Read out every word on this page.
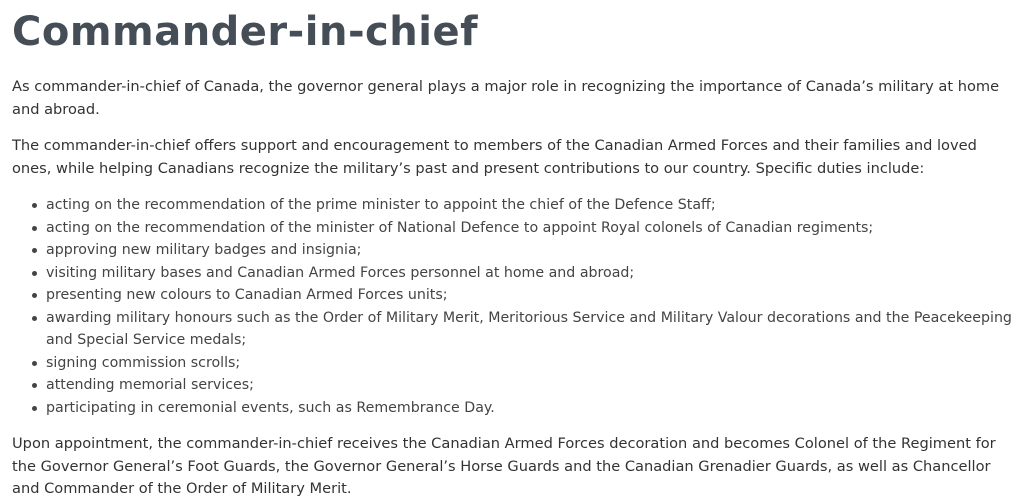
Commander-in-chief

As commander-in-chief of Canada, the governor general plays a major role in recognizing the importance of Canada’s military at home and abroad.

The commander-in-chief offers support and encouragement to members of the Canadian Armed Forces and their families and loved ones, while helping Canadians recognize the military’s past and present contributions to our country. Specific duties include:

acting on the recommendation of the prime minister to appoint the chief of the Defence Staff;
acting on the recommendation of the minister of National Defence to appoint Royal colonels of Canadian regiments;
approving new military badges and insignia;
visiting military bases and Canadian Armed Forces personnel at home and abroad;
presenting new colours to Canadian Armed Forces units;
awarding military honours such as the Order of Military Merit, Meritorious Service and Military Valour decorations and the Peacekeeping and Special Service medals;
signing commission scrolls;
attending memorial services;
participating in ceremonial events, such as Remembrance Day.

Upon appointment, the commander-in-chief receives the Canadian Armed Forces decoration and becomes Colonel of the Regiment for the Governor General’s Foot Guards, the Governor General’s Horse Guards and the Canadian Grenadier Guards, as well as Chancellor and Commander of the Order of Military Merit.
